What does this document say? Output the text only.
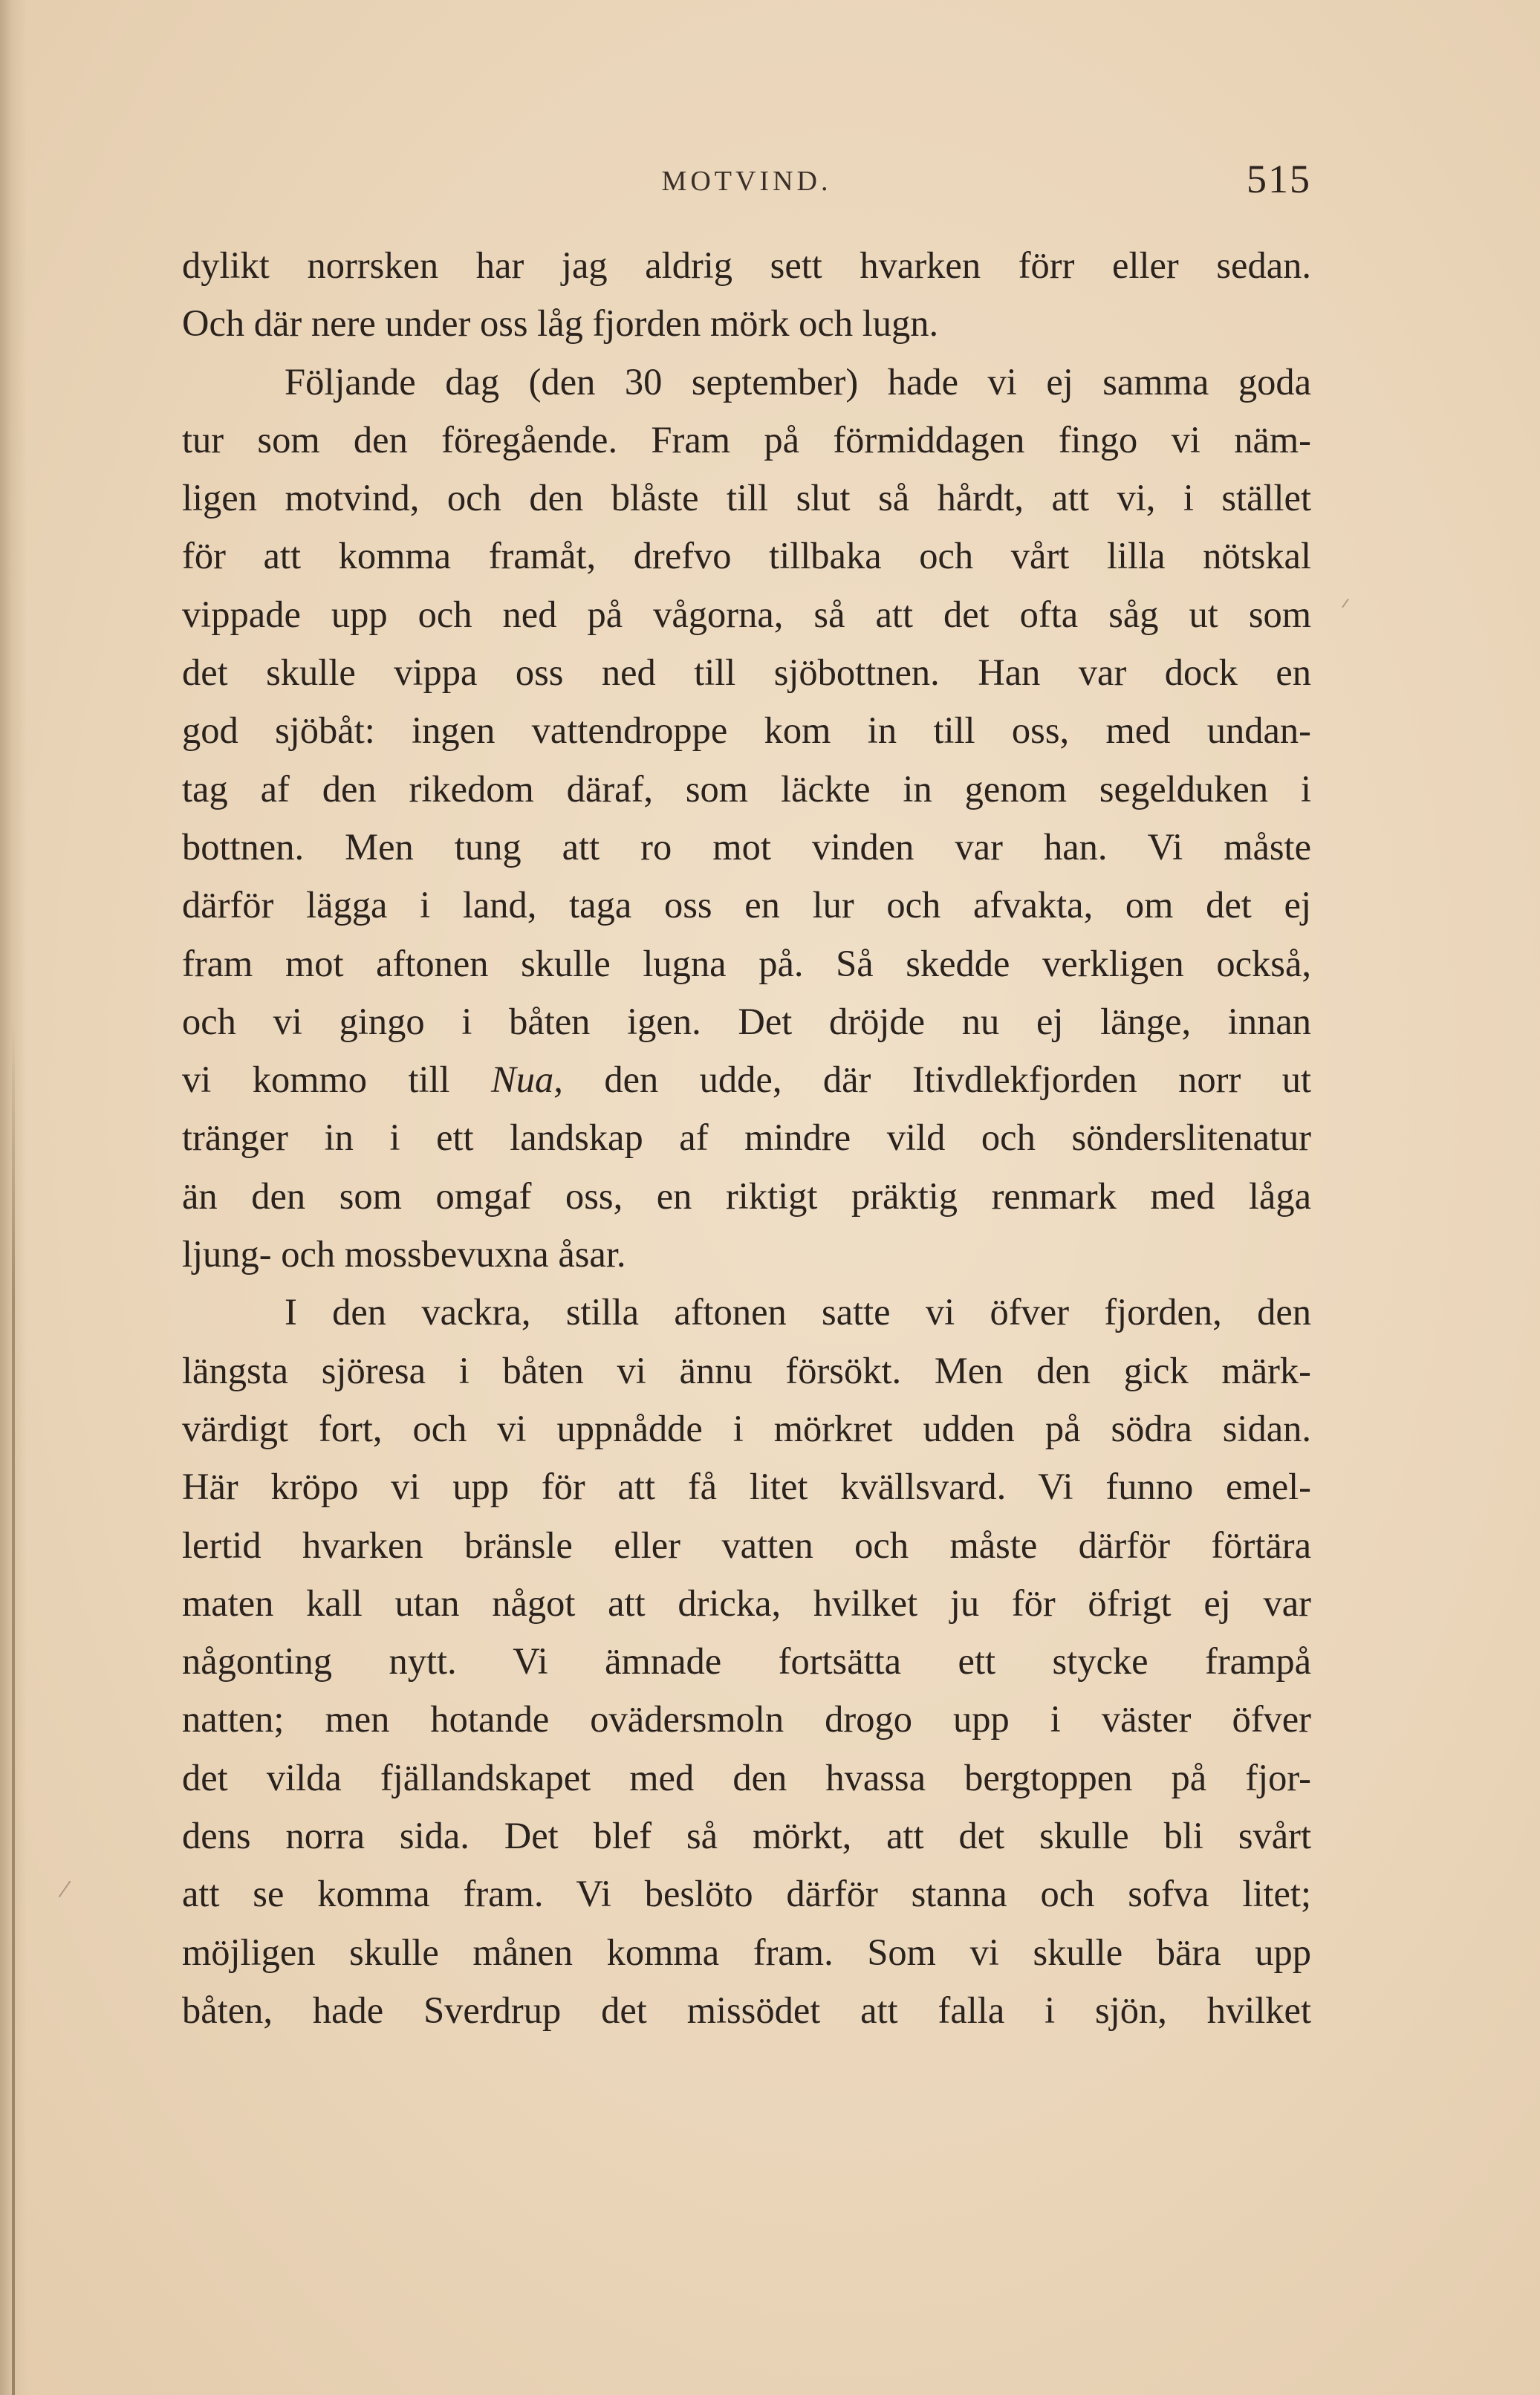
MOTVIND.	515
dylikt norrsken har jag aldrig sett hvarken förr eller sedan.
Och där nere under oss låg fjorden mörk och lugn.
Följande dag (den 30 september) hade vi ej samma goda
tur som den föregående. Fram på förmiddagen fingo vi näm-
ligen motvind, och den blåste till slut så hårdt, att vi, i stället
för att komma framåt, drefvo tillbaka och vårt lilla nötskal
vippade upp och ned på vågorna, så att det ofta såg ut som
det skulle vippa oss ned till sjöbottnen. Han var dock en
god sjöbåt: ingen vattendroppe kom in till oss, med undan-
tag af den rikedom däraf, som läckte in genom segelduken i
bottnen. Men tung att ro mot vinden var han. Vi måste
därför lägga i land, taga oss en lur och afvakta, om det ej
fram mot aftonen skulle lugna på. Så skedde verkligen också,
och vi gingo i båten igen. Det dröjde nu ej länge, innan
vi kommo till Nua, den udde, där Itivdlekfjorden norr ut
tränger in i ett landskap af mindre vild och sönderslitenatur
än den som omgaf oss, en riktigt präktig renmark med låga
ljung- och mossbevuxna åsar.
I den vackra, stilla aftonen satte vi öfver fjorden, den
längsta sjöresa i båten vi ännu försökt. Men den gick märk-
värdigt fort, och vi uppnådde i mörkret udden på södra sidan.
Här kröpo vi upp för att få litet kvällsvard. Vi funno emel-
lertid hvarken bränsle eller vatten och måste därför förtära
maten kall utan något att dricka, hvilket ju för öfrigt ej var
någonting nytt. Vi ämnade fortsätta ett stycke frampå
natten; men hotande ovädersmoln drogo upp i väster öfver
det vilda fjällandskapet med den hvassa bergtoppen på fjor-
dens norra sida. Det blef så mörkt, att det skulle bli svårt
att se komma fram. Vi beslöto därför stanna och sofva litet;
möjligen skulle månen komma fram. Som vi skulle bära upp
båten, hade Sverdrup det missödet att falla i sjön, hvilket
